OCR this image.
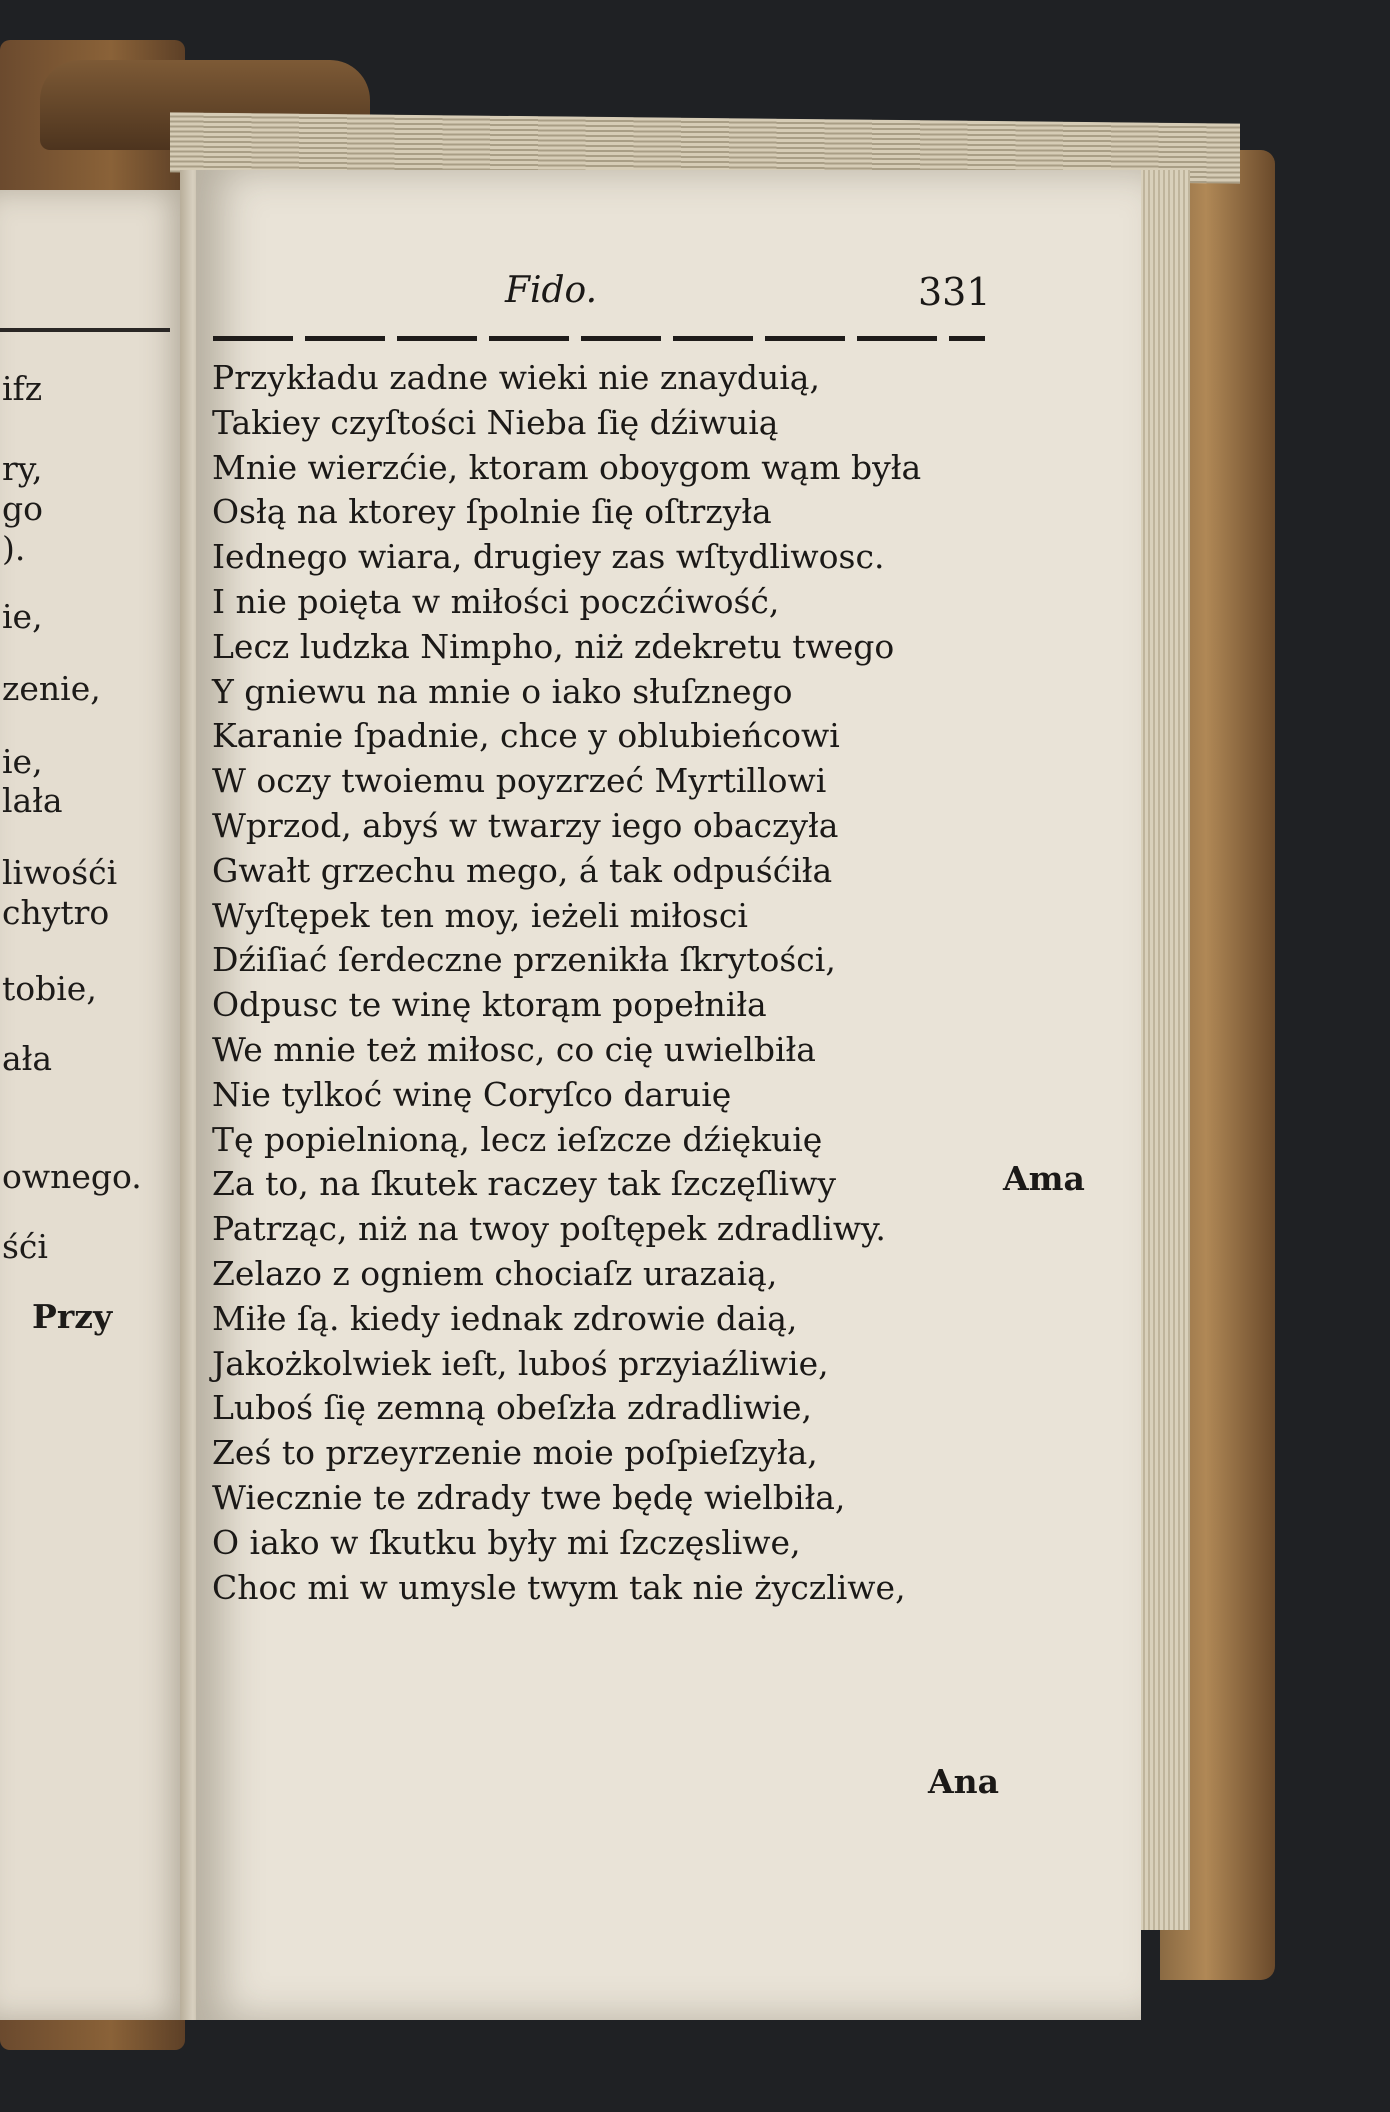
ifz
ry,
go
).
ie,
zenie,
ie,
lała
liwośći
chytro
tobie,
ała
ownego.
śći
Przy
Fido.	331
Przykładu zadne wieki nie znayduią,
Takiey czyſtości Nieba ſię dźiwuią
Mnie wierzćie, ktoram oboygom wąm była
Osłą na ktorey ſpolnie ſię oſtrzyła
Iednego wiara, drugiey zas wſtydliwosc.
I nie poięta w miłości poczćiwość,
Lecz ludzka Nimpho, niż zdekretu twego
Y gniewu na mnie o iako słuſznego
Karanie ſpadnie, chce y oblubieńcowi
W oczy twoiemu poyzrzeć Myrtillowi
Wprzod, abyś w twarzy iego obaczyła
Gwałt grzechu mego, á tak odpuśćiła
Wyſtępek ten moy, ieżeli miłosci
Dźiſiać ſerdeczne przenikła ſkrytości,
Odpusc te winę ktorąm popełniła
We mnie też miłosc, co cię uwielbiła
Nie tylkoć winę Coryſco daruię
Tę popielnioną, lecz ieſzcze dźiękuię
Za to, na ſkutek raczey tak ſzczęſliwy
Patrząc, niż na twoy poſtępek zdradliwy.
Zelazo z ogniem chociaſz urazaią,
Miłe ſą. kiedy iednak zdrowie daią,
Jakożkolwiek ieſt, luboś przyiaźliwie,
Luboś ſię zemną obeſzła zdradliwie,
Ześ to przeyrzenie moie poſpieſzyła,
Wiecznie te zdrady twe będę wielbiła,
O iako w ſkutku były mi ſzczęsliwe,
Choc mi w umysle twym tak nie życzliwe,
Ama
Ana
